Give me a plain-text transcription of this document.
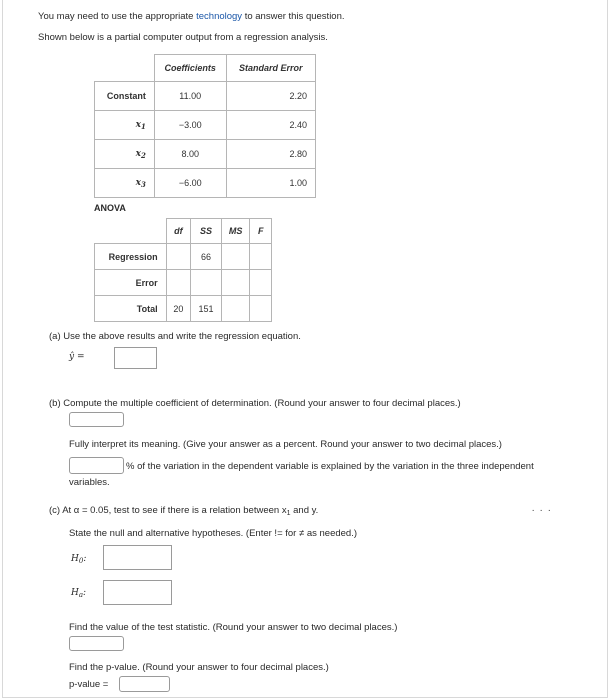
You may need to use the appropriate technology to answer this question.
Shown below is a partial computer output from a regression analysis.
	Coefficients	Standard Error
Constant	11.00	2.20
$x_1$	−3.00	2.40
$x_2$	8.00	2.80
$x_3$	−6.00	1.00
ANOVA
	df	SS	MS	F
Regression		66		
Error				
Total	20	151		
(a) Use the above results and write the regression equation.
ŷ =
(b) Compute the multiple coefficient of determination. (Round your answer to four decimal places.)
Fully interpret its meaning. (Give your answer as a percent. Round your answer to two decimal places.)
% of the variation in the dependent variable is explained by the variation in the three independent
variables.
· · ·
(c) At α = 0.05, test to see if there is a relation between $x_1$ and y.
State the null and alternative hypotheses. (Enter != for ≠ as needed.)
$H_0$:
$H_a$:
Find the value of the test statistic. (Round your answer to two decimal places.)
Find the p-value. (Round your answer to four decimal places.)
p-value =
